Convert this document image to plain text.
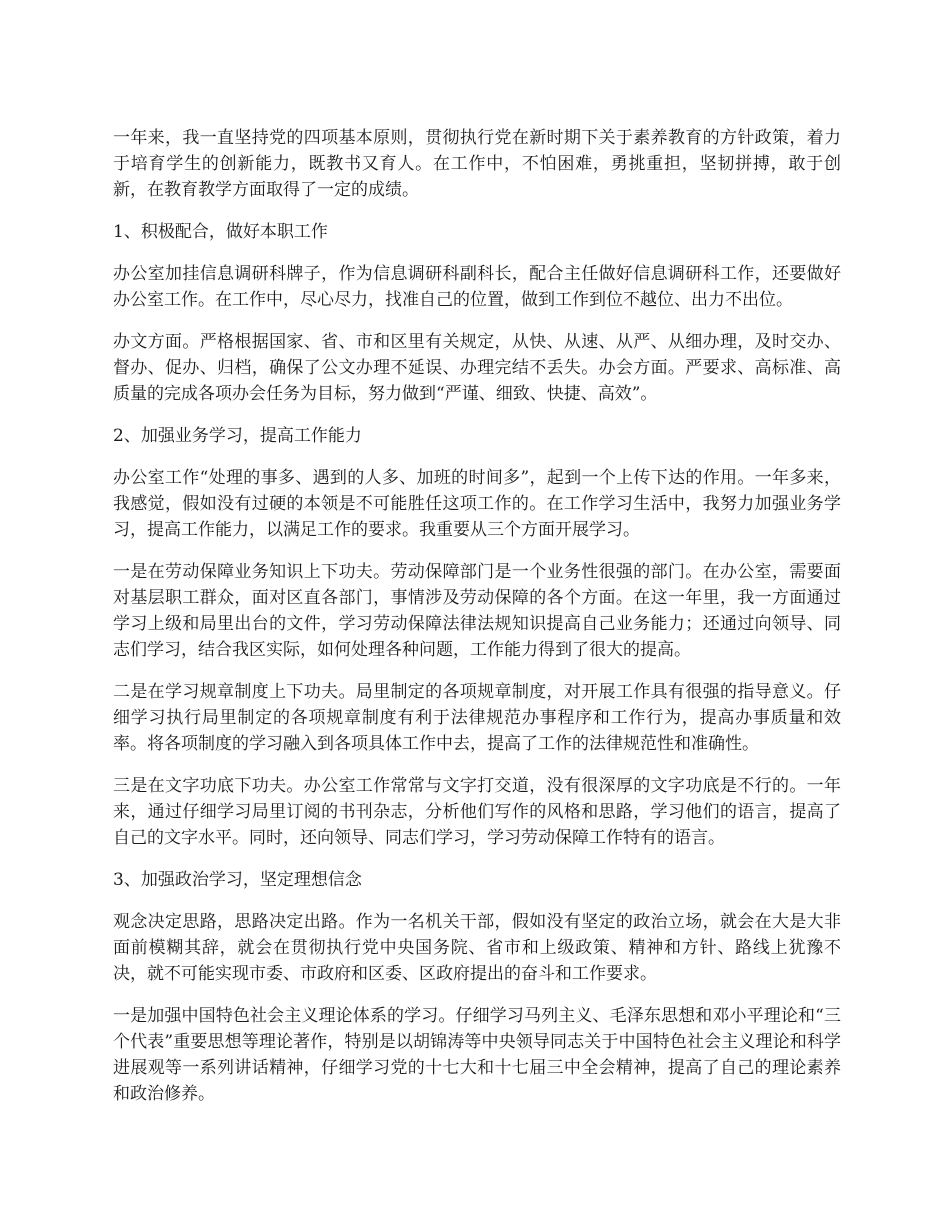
一年来，我一直坚持党的四项基本原则，贯彻执行党在新时期下关于素养教育的方针政策，着力于培育学生的创新能力，既教书又育人。在工作中，不怕困难，勇挑重担，坚韧拼搏，敢于创新，在教育教学方面取得了一定的成绩。

1、积极配合，做好本职工作

办公室加挂信息调研科牌子，作为信息调研科副科长，配合主任做好信息调研科工作，还要做好办公室工作。在工作中，尽心尽力，找准自己的位置，做到工作到位不越位、出力不出位。

办文方面。严格根据国家、省、市和区里有关规定，从快、从速、从严、从细办理，及时交办、督办、促办、归档，确保了公文办理不延误、办理完结不丢失。办会方面。严要求、高标准、高质量的完成各项办会任务为目标，努力做到“严谨、细致、快捷、高效”。

2、加强业务学习，提高工作能力

办公室工作“处理的事多、遇到的人多、加班的时间多”，起到一个上传下达的作用。一年多来，我感觉，假如没有过硬的本领是不可能胜任这项工作的。在工作学习生活中，我努力加强业务学习，提高工作能力，以满足工作的要求。我重要从三个方面开展学习。

一是在劳动保障业务知识上下功夫。劳动保障部门是一个业务性很强的部门。在办公室，需要面对基层职工群众，面对区直各部门，事情涉及劳动保障的各个方面。在这一年里，我一方面通过学习上级和局里出台的文件，学习劳动保障法律法规知识提高自己业务能力；还通过向领导、同志们学习，结合我区实际，如何处理各种问题，工作能力得到了很大的提高。

二是在学习规章制度上下功夫。局里制定的各项规章制度，对开展工作具有很强的指导意义。仔细学习执行局里制定的各项规章制度有利于法律规范办事程序和工作行为，提高办事质量和效率。将各项制度的学习融入到各项具体工作中去，提高了工作的法律规范性和准确性。

三是在文字功底下功夫。办公室工作常常与文字打交道，没有很深厚的文字功底是不行的。一年来，通过仔细学习局里订阅的书刊杂志，分析他们写作的风格和思路，学习他们的语言，提高了自己的文字水平。同时，还向领导、同志们学习，学习劳动保障工作特有的语言。

3、加强政治学习，坚定理想信念

观念决定思路，思路决定出路。作为一名机关干部，假如没有坚定的政治立场，就会在大是大非面前模糊其辞，就会在贯彻执行党中央国务院、省市和上级政策、精神和方针、路线上犹豫不决，就不可能实现市委、市政府和区委、区政府提出的奋斗和工作要求。

一是加强中国特色社会主义理论体系的学习。仔细学习马列主义、毛泽东思想和邓小平理论和“三个代表”重要思想等理论著作，特别是以胡锦涛等中央领导同志关于中国特色社会主义理论和科学进展观等一系列讲话精神，仔细学习党的十七大和十七届三中全会精神，提高了自己的理论素养和政治修养。
